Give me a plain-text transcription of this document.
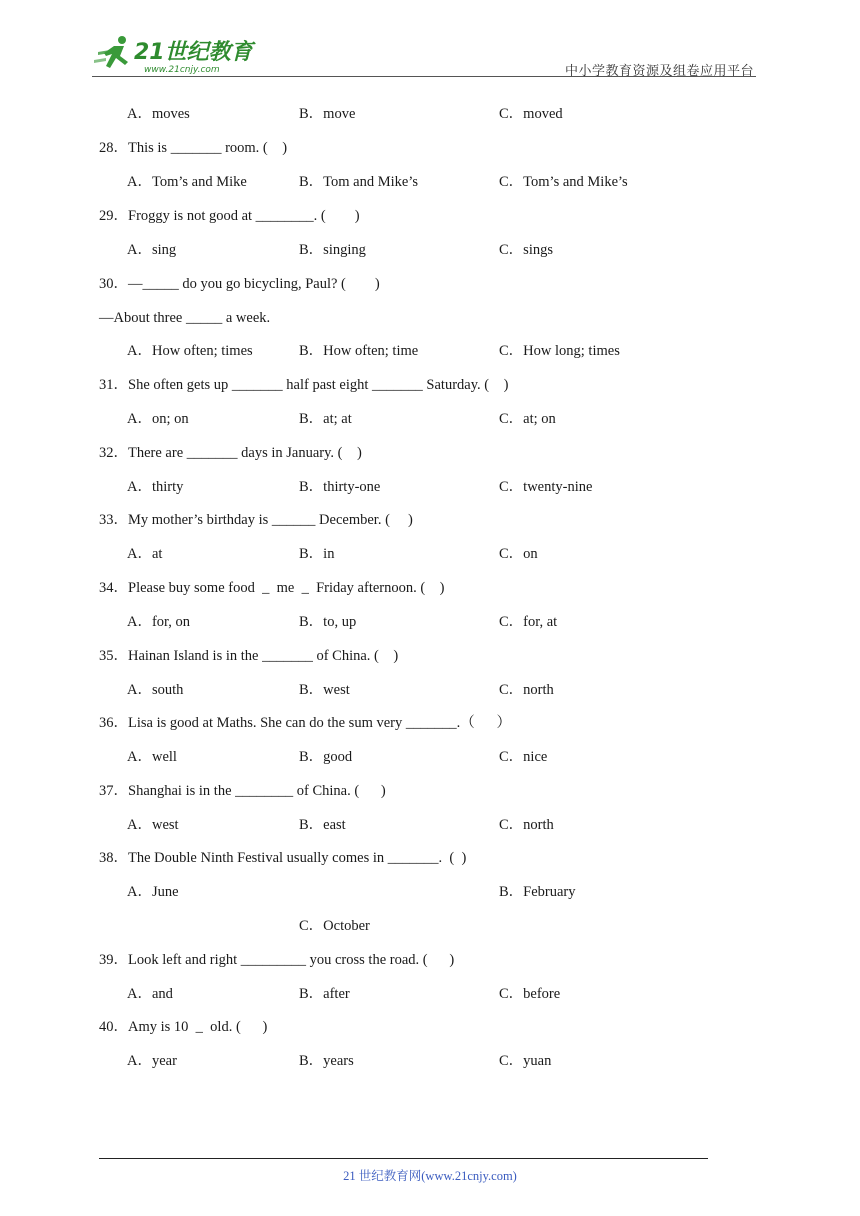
21世纪教育
www.21cnjy.com	中小学教育资源及组卷应用平台
A．moves	B．move	C．moved
28．This is _______ room. (    )
A．Tom’s and Mike	B．Tom and Mike’s	C．Tom’s and Mike’s
29．Froggy is not good at ________. (        )
A．sing	B．singing	C．sings
30．—_____ do you go bicycling, Paul? (        )
—About three _____ a week.
A．How often; times	B．How often; time	C．How long; times
31．She often gets up _______ half past eight _______ Saturday. (    )
A．on; on	B．at; at	C．at; on
32．There are _______ days in January. (    )
A．thirty	B．thirty-one	C．twenty-nine
33．My mother’s birthday is ______ December. (     )
A．at	B．in	C．on
34．Please buy some food  _  me  _  Friday afternoon. (    )
A．for, on	B．to, up	C．for, at
35．Hainan Island is in the _______ of China. (    )
A．south	B．west	C．north
36．Lisa is good at Maths. She can do the sum very _______.（      ）
A．well	B．good	C．nice
37．Shanghai is in the ________ of China. (      )
A．west	B．east	C．north
38．The Double Ninth Festival usually comes in _______.  (  )
A．June	B．February
C．October
39．Look left and right _________ you cross the road. (      )
A．and	B．after	C．before
40．Amy is 10  _  old. (      )
A．year	B．years	C．yuan
21 世纪教育网(www.21cnjy.com)
